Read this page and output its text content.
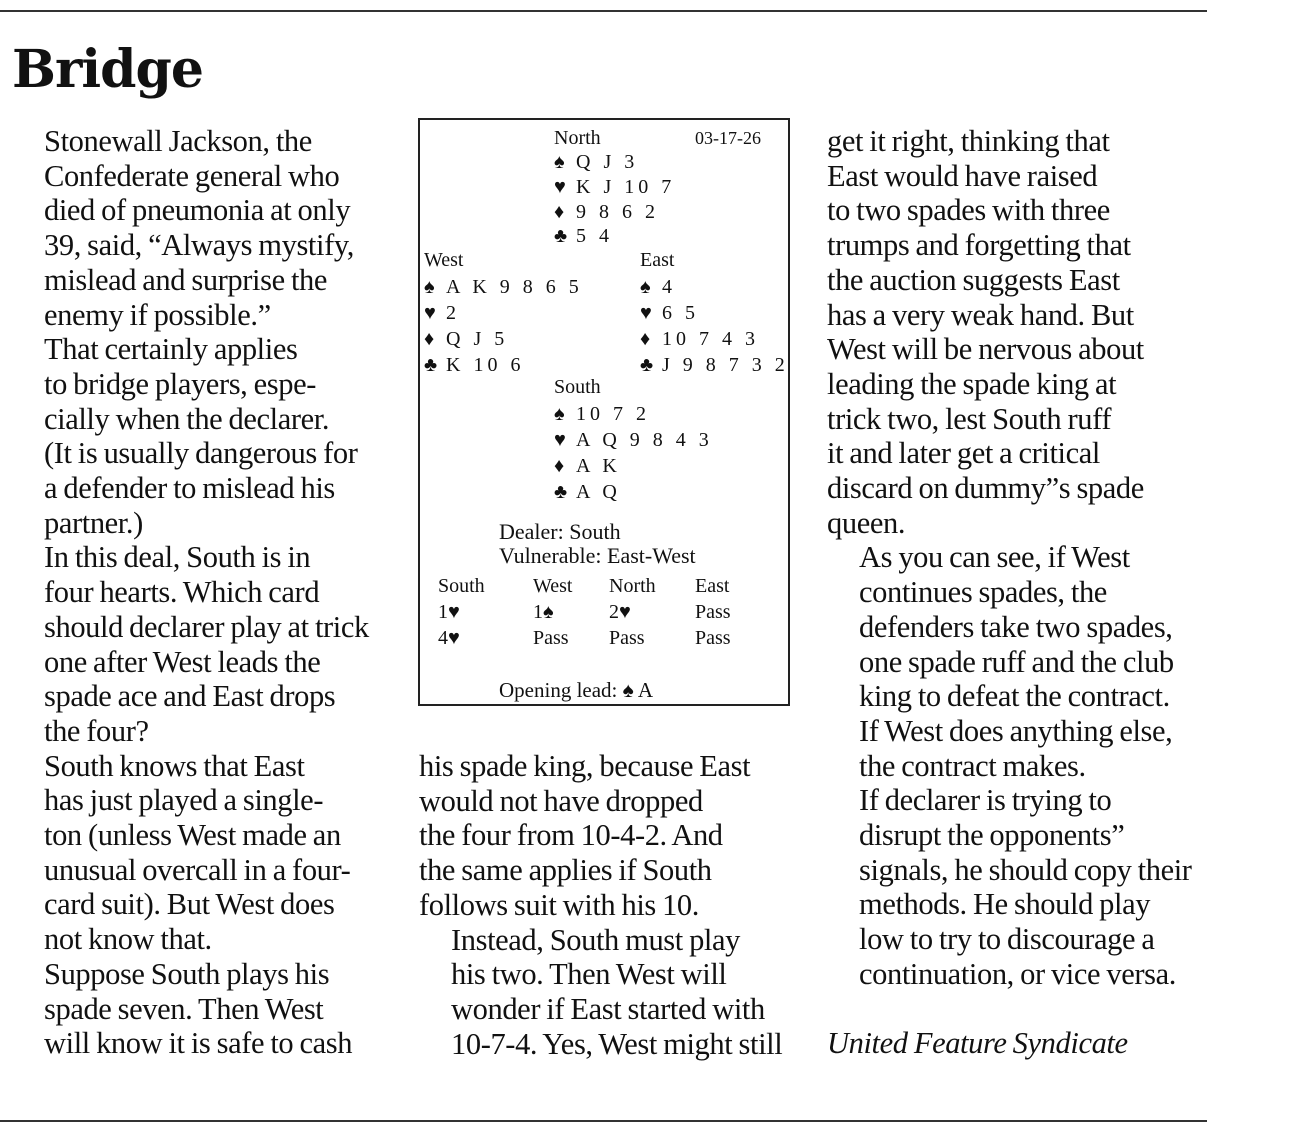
Bridge

Stonewall Jackson, the
Confederate general who
died of pneumonia at only
39, said, “Always mystify,
mislead and surprise the
enemy if possible.”

That certainly applies
to bridge players, espe-
cially when the declarer.
(It is usually dangerous for
a defender to mislead his
partner.)

In this deal, South is in
four hearts. Which card
should declarer play at trick
one after West leads the
spade ace and East drops
the four?

South knows that East
has just played a single-
ton (unless West made an
unusual overcall in a four-
card suit). But West does
not know that.

Suppose South plays his
spade seven. Then West
will know it is safe to cash

North	03-17-26
♠ Q J 3
♥ K J 10 7
♦ 9 8 6 2
♣ 5 4
West
♠ A K 9 8 6 5
♥ 2
♦ Q J 5
♣ K 10 6
East
♠ 4
♥ 6 5
♦ 10 7 4 3
♣ J 9 8 7 3 2
South
♠ 10 7 2
♥ A Q 9 8 4 3
♦ A K
♣ A Q
Dealer: South
Vulnerable: East-West
South West North East
1♥	1♠	2♥	Pass
4♥	Pass Pass	Pass
Opening lead: ♠ A

his spade king, because East
would not have dropped
the four from 10-4-2. And
the same applies if South
follows suit with his 10.

Instead, South must play
his two. Then West will
wonder if East started with
10-7-4. Yes, West might still

get it right, thinking that
East would have raised
to two spades with three
trumps and forgetting that
the auction suggests East
has a very weak hand. But
West will be nervous about
leading the spade king at
trick two, lest South ruff
it and later get a critical
discard on dummy”s spade
queen.

As you can see, if West
continues spades, the
defenders take two spades,
one spade ruff and the club
king to defeat the contract.
If West does anything else,
the contract makes.

If declarer is trying to
disrupt the opponents”
signals, he should copy their
methods. He should play
low to try to discourage a
continuation, or vice versa.

United Feature Syndicate
